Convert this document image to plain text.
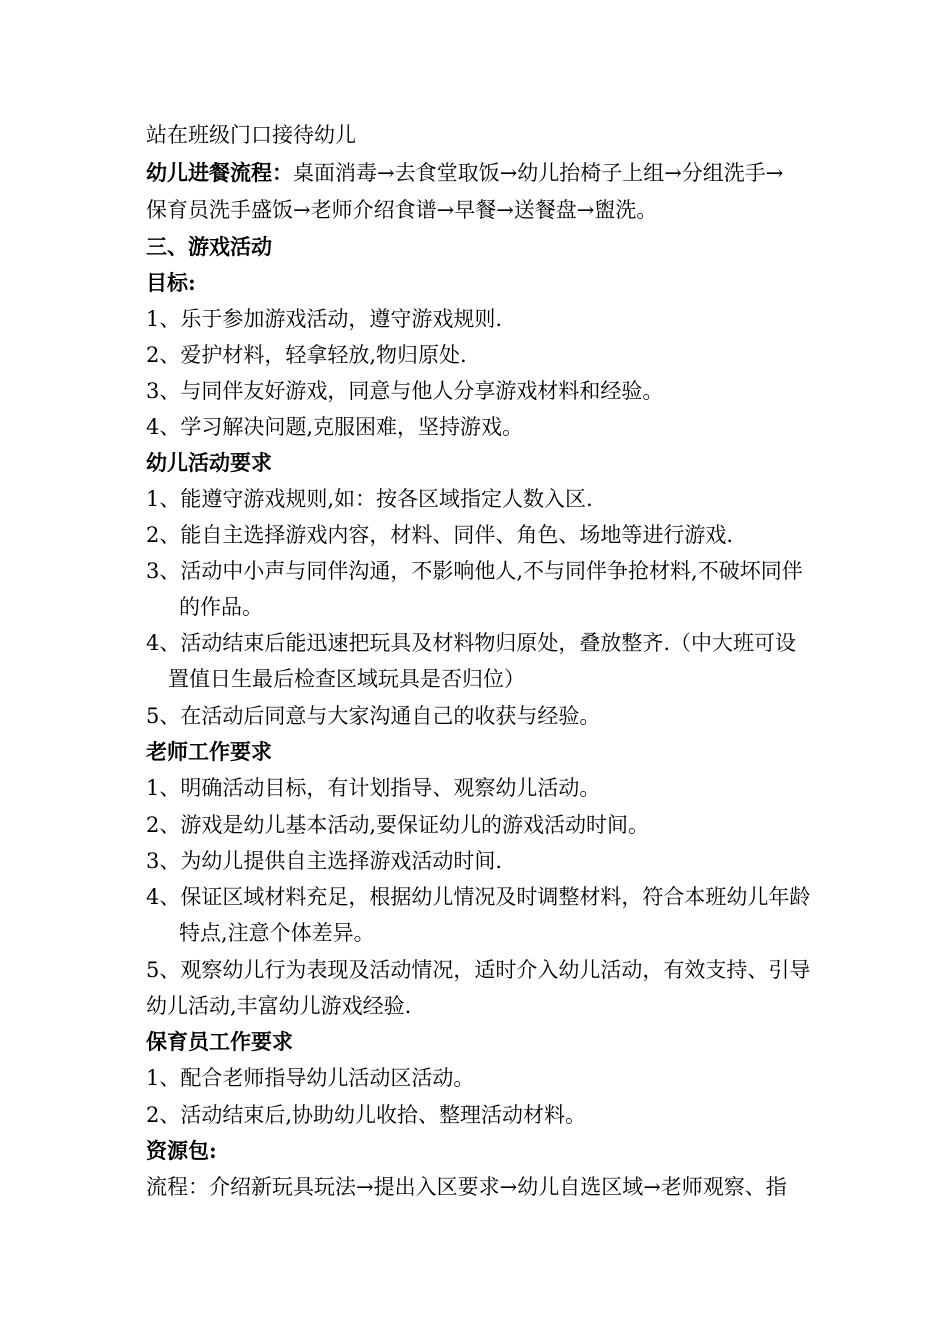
站在班级门口接待幼儿
幼儿进餐流程：桌面消毒→去食堂取饭→幼儿抬椅子上组→分组洗手→
保育员洗手盛饭→老师介绍食谱→早餐→送餐盘→盥洗。
三、游戏活动
目标:
1、乐于参加游戏活动，遵守游戏规则.
2、爱护材料，轻拿轻放,物归原处.
3、与同伴友好游戏，同意与他人分享游戏材料和经验。
4、学习解决问题,克服困难，坚持游戏。
幼儿活动要求
1、能遵守游戏规则,如：按各区域指定人数入区.
2、能自主选择游戏内容，材料、同伴、角色、场地等进行游戏.
3、活动中小声与同伴沟通，不影响他人,不与同伴争抢材料,不破坏同伴
的作品。
4、活动结束后能迅速把玩具及材料物归原处，叠放整齐.（中大班可设
置值日生最后检查区域玩具是否归位）
5、在活动后同意与大家沟通自己的收获与经验。
老师工作要求
1、明确活动目标，有计划指导、观察幼儿活动。
2、游戏是幼儿基本活动,要保证幼儿的游戏活动时间。
3、为幼儿提供自主选择游戏活动时间.
4、保证区域材料充足，根据幼儿情况及时调整材料，符合本班幼儿年龄
特点,注意个体差异。
5、观察幼儿行为表现及活动情况，适时介入幼儿活动，有效支持、引导
幼儿活动,丰富幼儿游戏经验.
保育员工作要求
1、配合老师指导幼儿活动区活动。
2、活动结束后,协助幼儿收拾、整理活动材料。
资源包:
流程：介绍新玩具玩法→提出入区要求→幼儿自选区域→老师观察、指
